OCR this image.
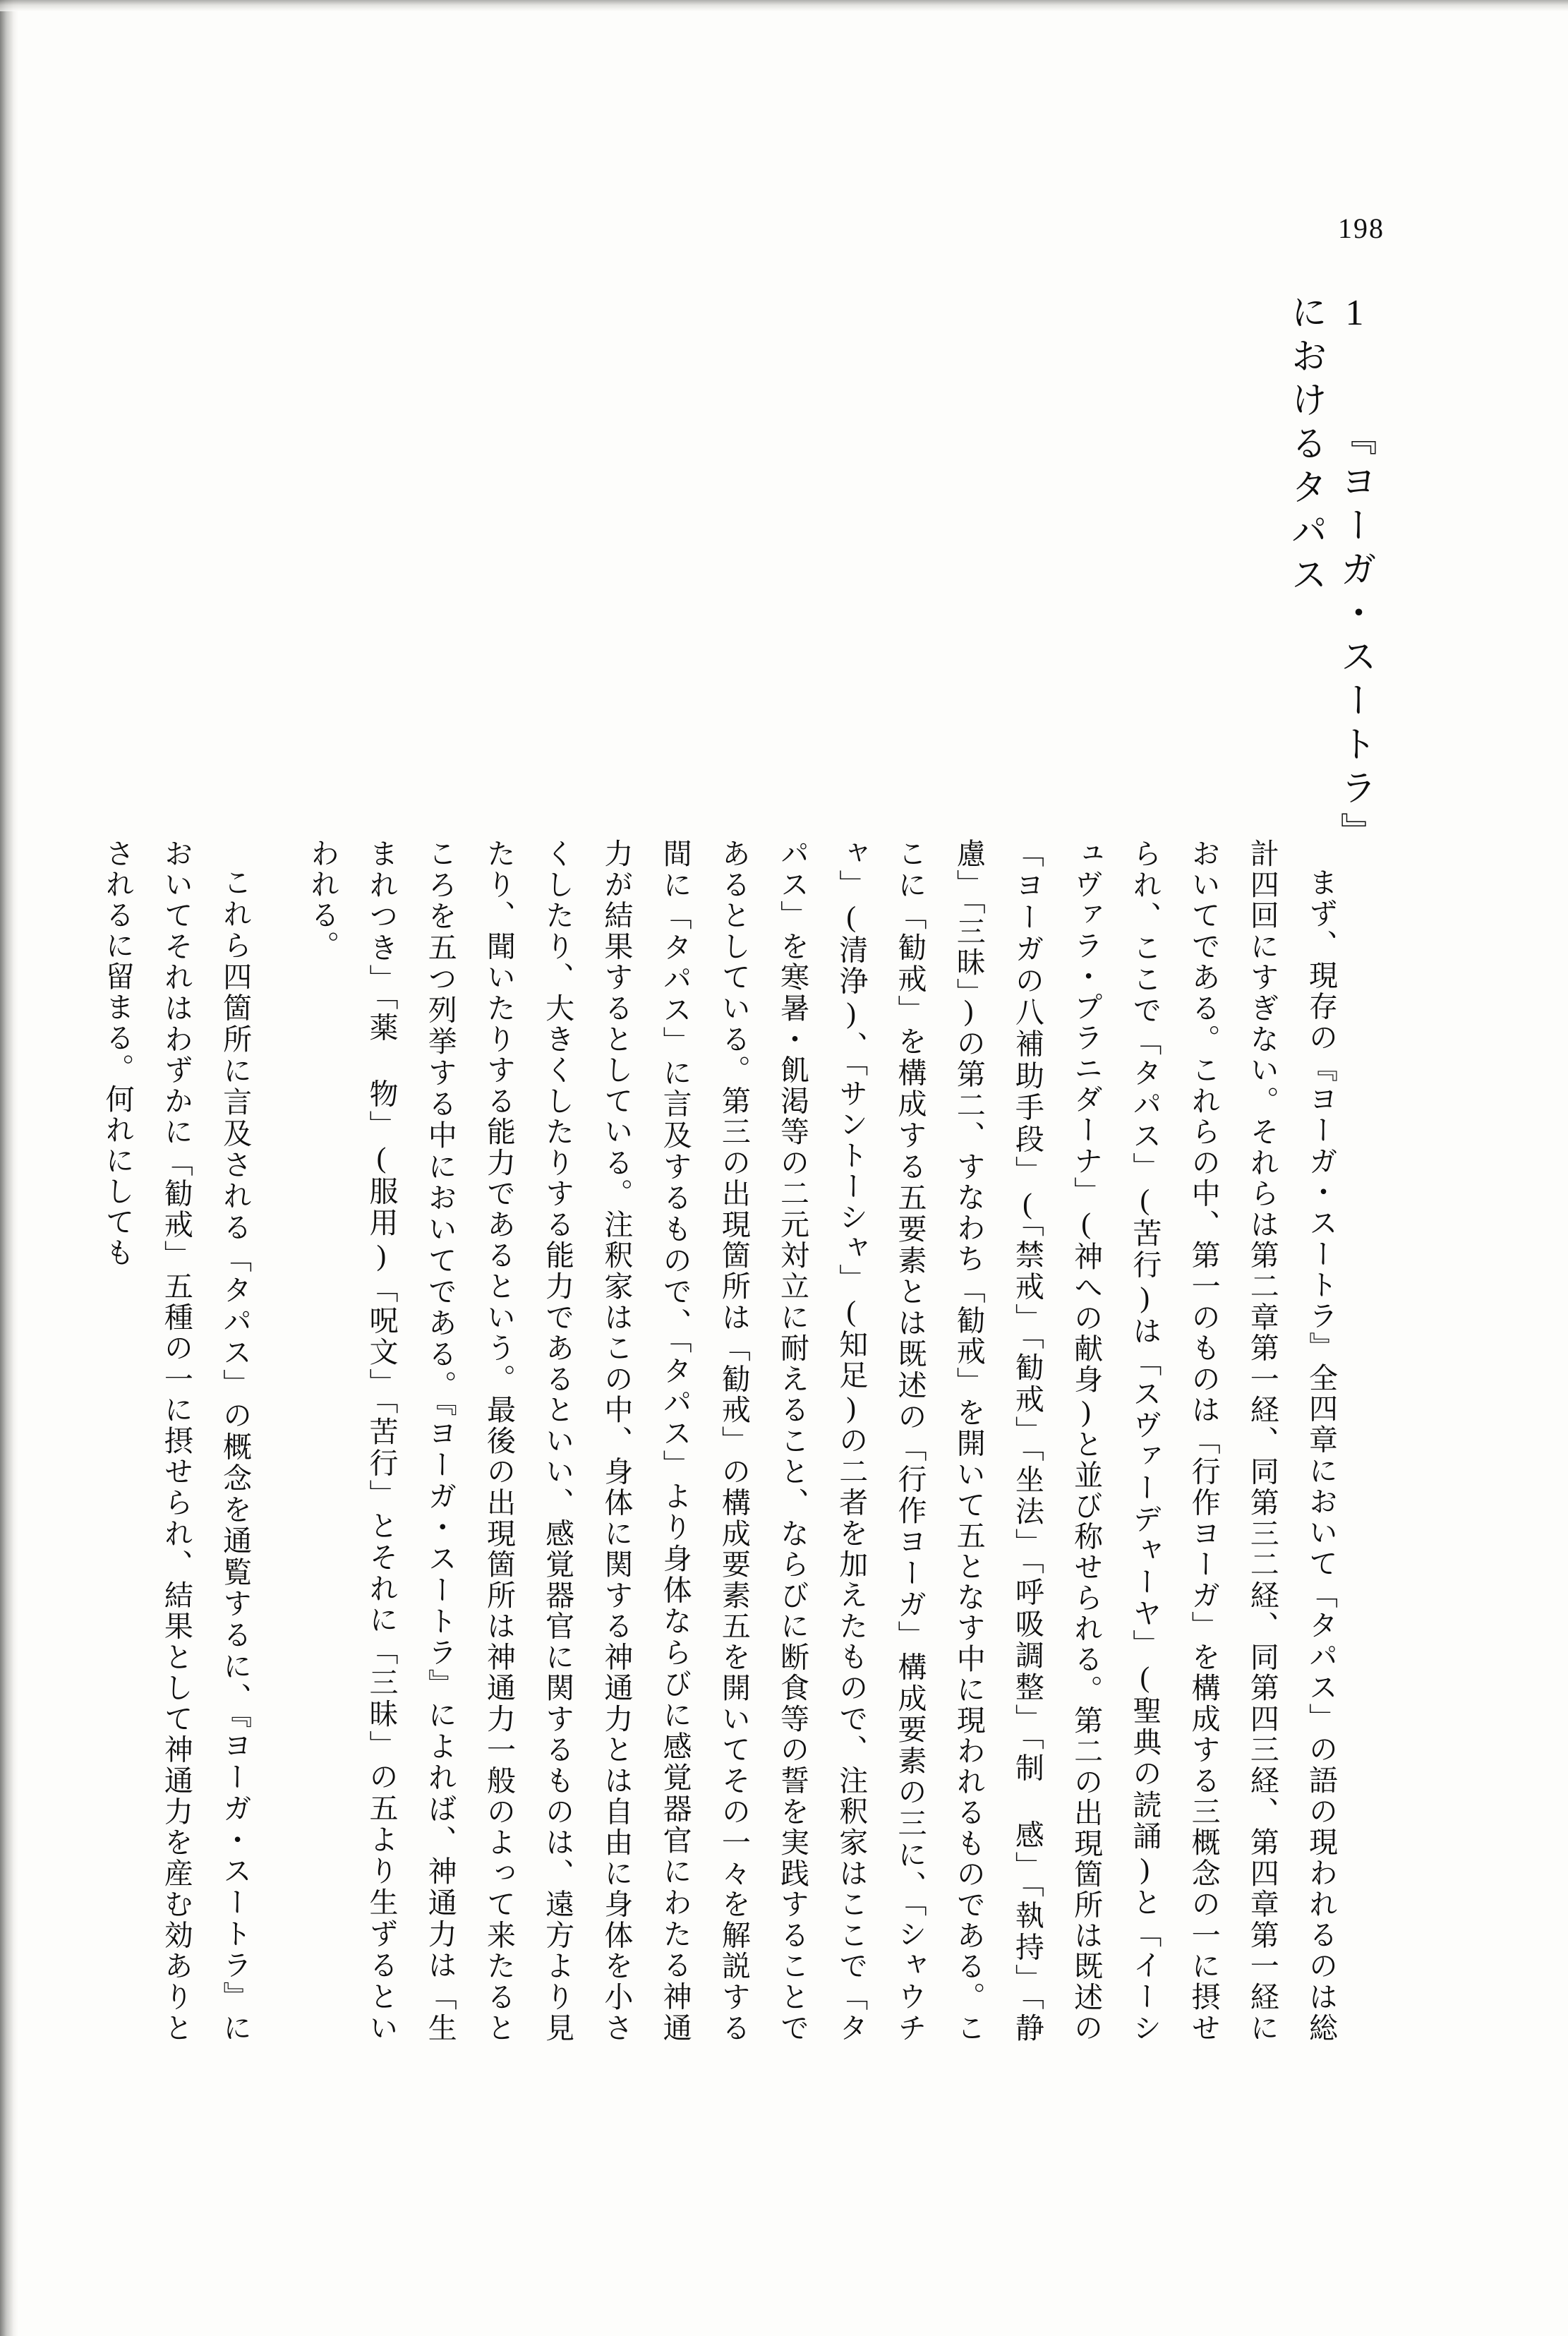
198
1 『ヨーガ・スートラ』におけるタパス

まず、現存の『ヨーガ・スートラ』全四章において「タパス」の語の現われるのは総計四回にすぎない。それらは第二章第一経、同第三二経、同第四三経、第四章第一経においてである。これらの中、第一のものは「行作ヨーガ」を構成する三概念の一に摂せられ、ここで「タパス」(苦行)は「スヴァーデャーヤ」(聖典の読誦)と「イーシュヴァラ・プラニダーナ」(神への献身)と並び称せられる。第二の出現箇所は既述の「ヨーガの八補助手段」(「禁戒」「勧戒」「坐法」「呼吸調整」「制 感」「執持」「静慮」「三昧」)の第二、すなわち「勧戒」を開いて五となす中に現われるものである。ここに「勧戒」を構成する五要素とは既述の「行作ヨーガ」構成要素の三に、「シャウチャ」(清浄)、「サントーシャ」(知足)の二者を加えたもので、注釈家はここで「タパス」を寒暑・飢渇等の二元対立に耐えること、ならびに断食等の誓を実践することであるとしている。第三の出現箇所は「勧戒」の構成要素五を開いてその一々を解説する間に「タパス」に言及するもので、「タパス」より身体ならびに感覚器官にわたる神通力が結果するとしている。注釈家はこの中、身体に関する神通力とは自由に身体を小さくしたり、大きくしたりする能力であるといい、感覚器官に関するものは、遠方より見たり、聞いたりする能力であるという。最後の出現箇所は神通力一般のよって来たるところを五つ列挙する中においてである。『ヨーガ・スートラ』によれば、神通力は「生まれつき」「薬 物」(服用)「呪文」「苦行」とそれに「三昧」の五より生ずるといわれる。

これら四箇所に言及される「タパス」の概念を通覧するに、『ヨーガ・スートラ』においてそれはわずかに「勧戒」五種の一に摂せられ、結果として神通力を産む効ありとされるに留まる。何れにしても
